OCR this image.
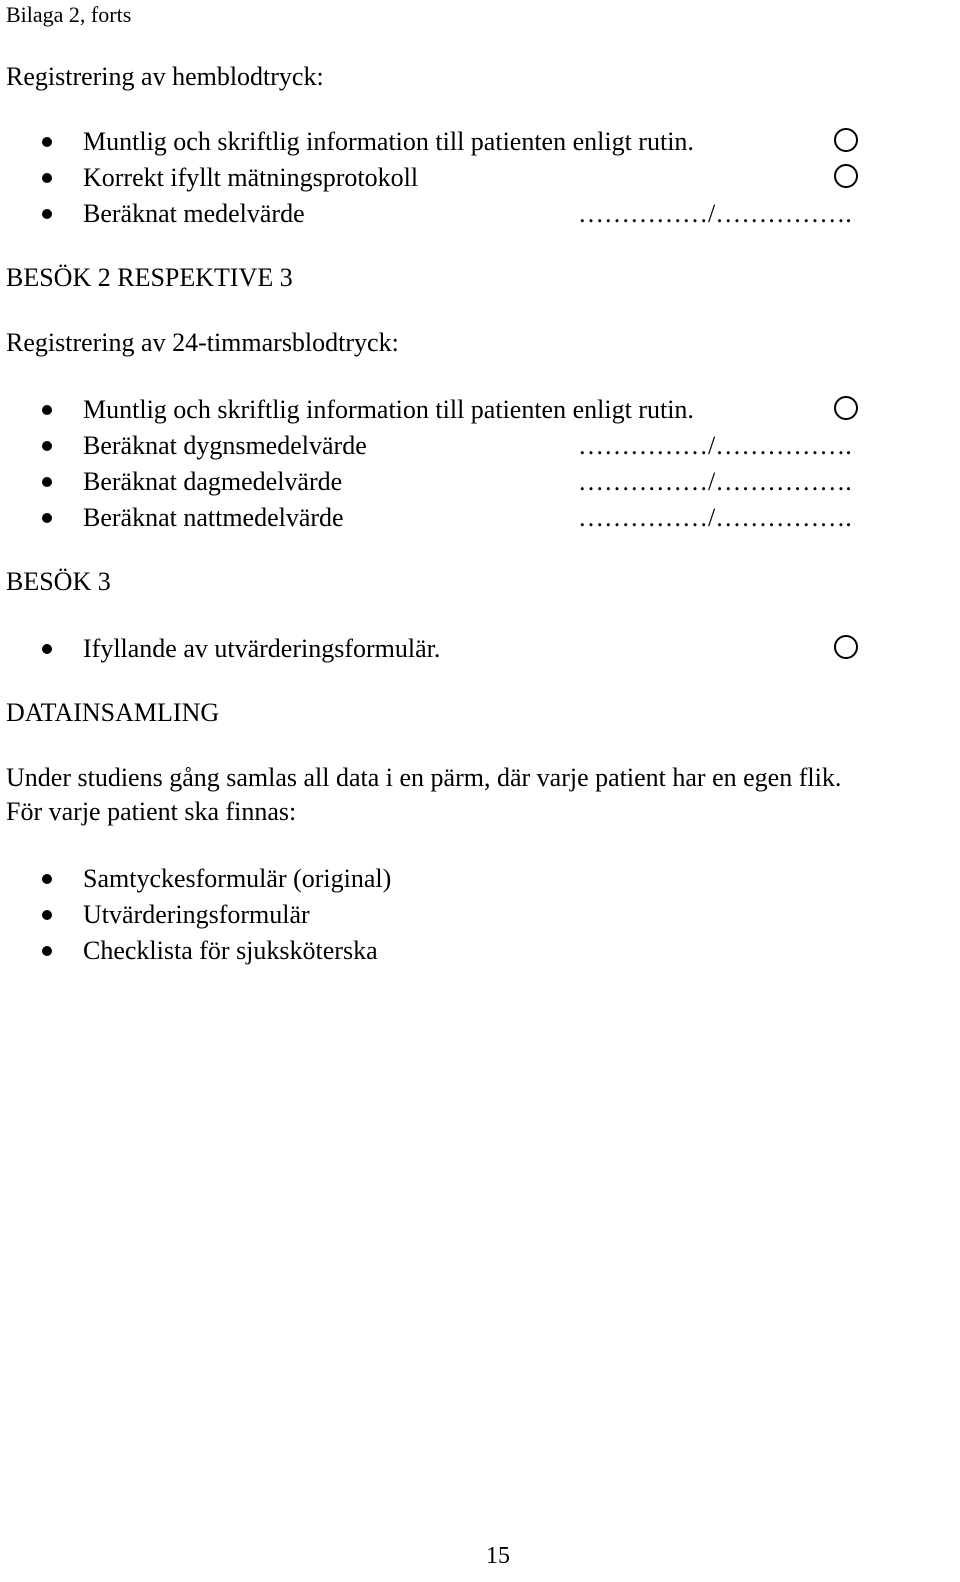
Bilaga 2, forts
Registrering av hemblodtryck:
Muntlig och skriftlig information till patienten enligt rutin.
Korrekt ifyllt mätningsprotokoll
Beräknat medelvärde	……………/…………….
BESÖK 2 RESPEKTIVE 3
Registrering av 24-timmarsblodtryck:
Muntlig och skriftlig information till patienten enligt rutin.
Beräknat dygnsmedelvärde	……………/…………….
Beräknat dagmedelvärde	……………/…………….
Beräknat nattmedelvärde	……………/…………….
BESÖK 3
Ifyllande av utvärderingsformulär.
DATAINSAMLING
Under studiens gång samlas all data i en pärm, där varje patient har en egen flik.
För varje patient ska finnas:
Samtyckesformulär (original)
Utvärderingsformulär
Checklista för sjuksköterska
15
